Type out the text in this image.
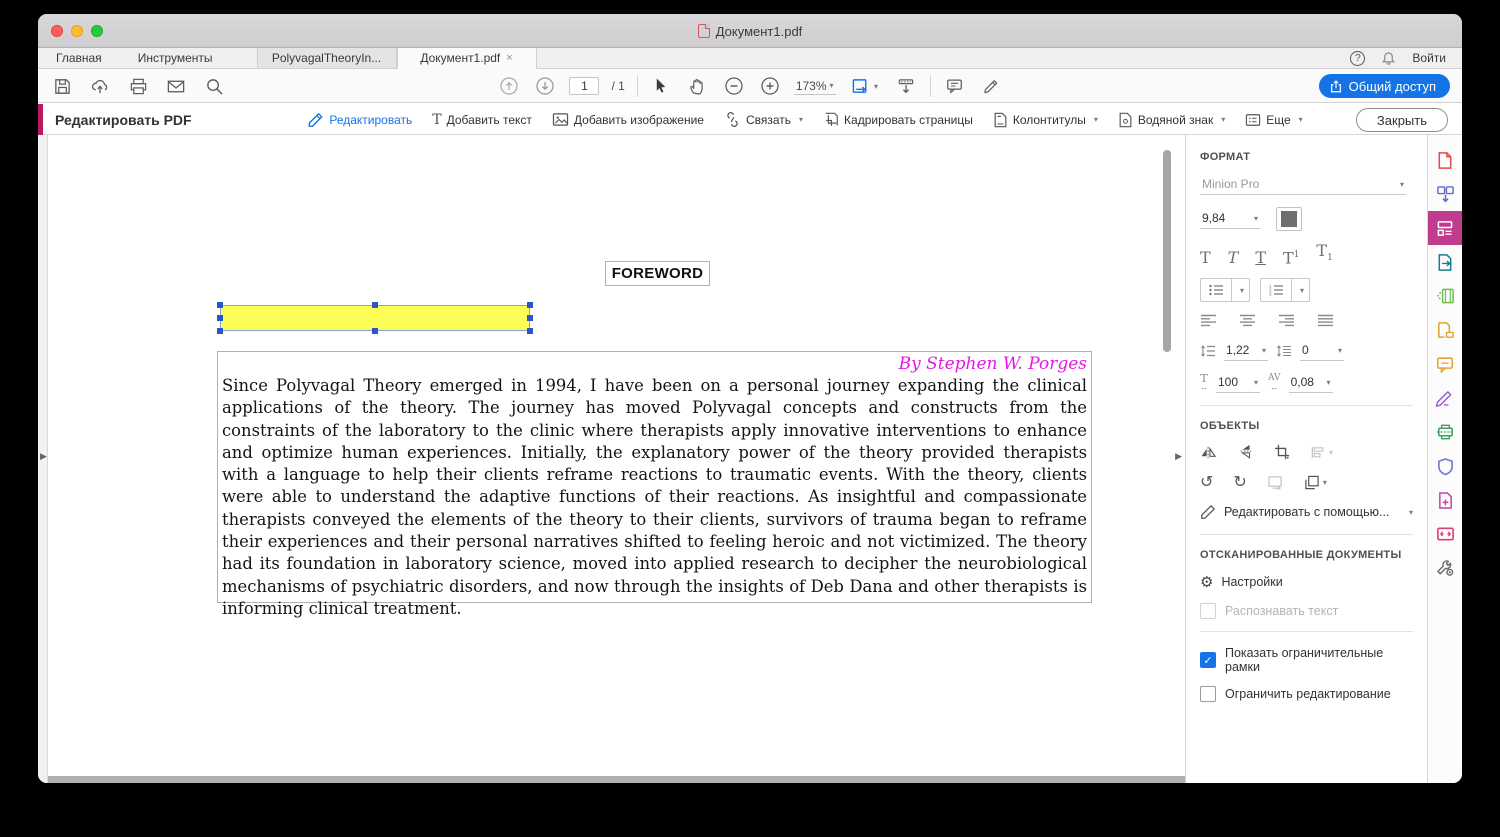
Документ1.pdf
Главная	Инструменты	PolyvagalTheoryIn...	Документ1.pdf ×	?	Войти
1	/ 1	173% ▾	▾	Общий доступ
Редактировать PDF	Редактировать T Добавить текст	Добавить изображение	Связать ▾	Кадрировать страницы	Колонтитулы ▾	Водяной знак ▾	Еще ▾	Закрыть
▶
FOREWORD
By Stephen W. Porges
Since Polyvagal Theory emerged in 1994, I have been on a personal journey expanding the clinical applications of the theory. The journey has moved Polyvagal concepts and constructs from the constraints of the laboratory to the clinic where therapists apply innovative interventions to enhance and optimize human experiences. Initially, the explanatory power of the theory provided therapists with a language to help their clients reframe reactions to traumatic events. With the theory, clients were able to understand the adaptive functions of their reactions. As insightful and compassionate therapists conveyed the elements of the theory to their clients, survivors of trauma began to reframe their experiences and their personal narratives shifted to feeling heroic and not victimized. The theory had its foundation in laboratory science, moved into applied research to decipher the neurobiological mechanisms of psychiatric disorders, and now through the insights of Deb Dana and other therapists is informing clinical treatment.
▶
ФОРМАТ
Minion Pro	▾
9,84	▾
T T T $T^1$ $T_1$
▾	1
2
3	▾
1,22 ▾	0	▾
T
↔ 100 ▾ AV
↔ 0,08 ▾
ОБЪЕКТЫ
▾
↺ ↻	▾
Редактировать с помощью... ▾
ОТСКАНИРОВАННЫЕ ДОКУМЕНТЫ
⚙ Настройки
Распознавать текст
✓
Показать ограничительные рамки
Ограничить редактирование
